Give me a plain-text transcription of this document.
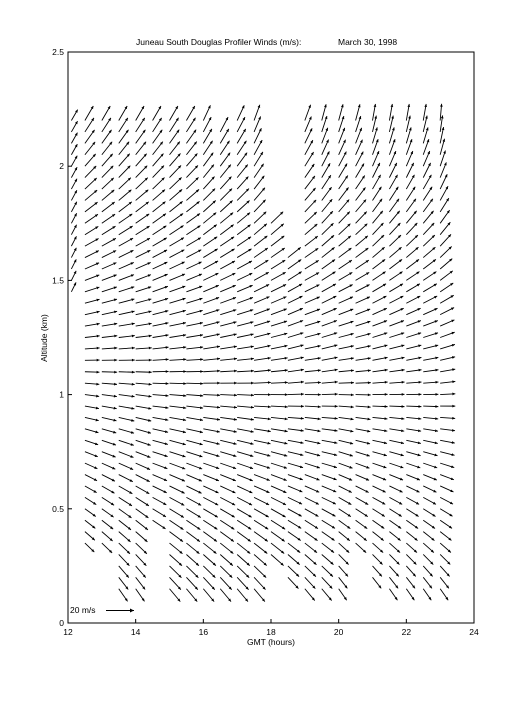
Juneau South Douglas Profiler Winds (m/s):	March 30, 1998
12	14	16	18	20	22	24
0
0.5
1
1.5
2
2.5
20 m/s
GMT (hours)
Altitude (km)
